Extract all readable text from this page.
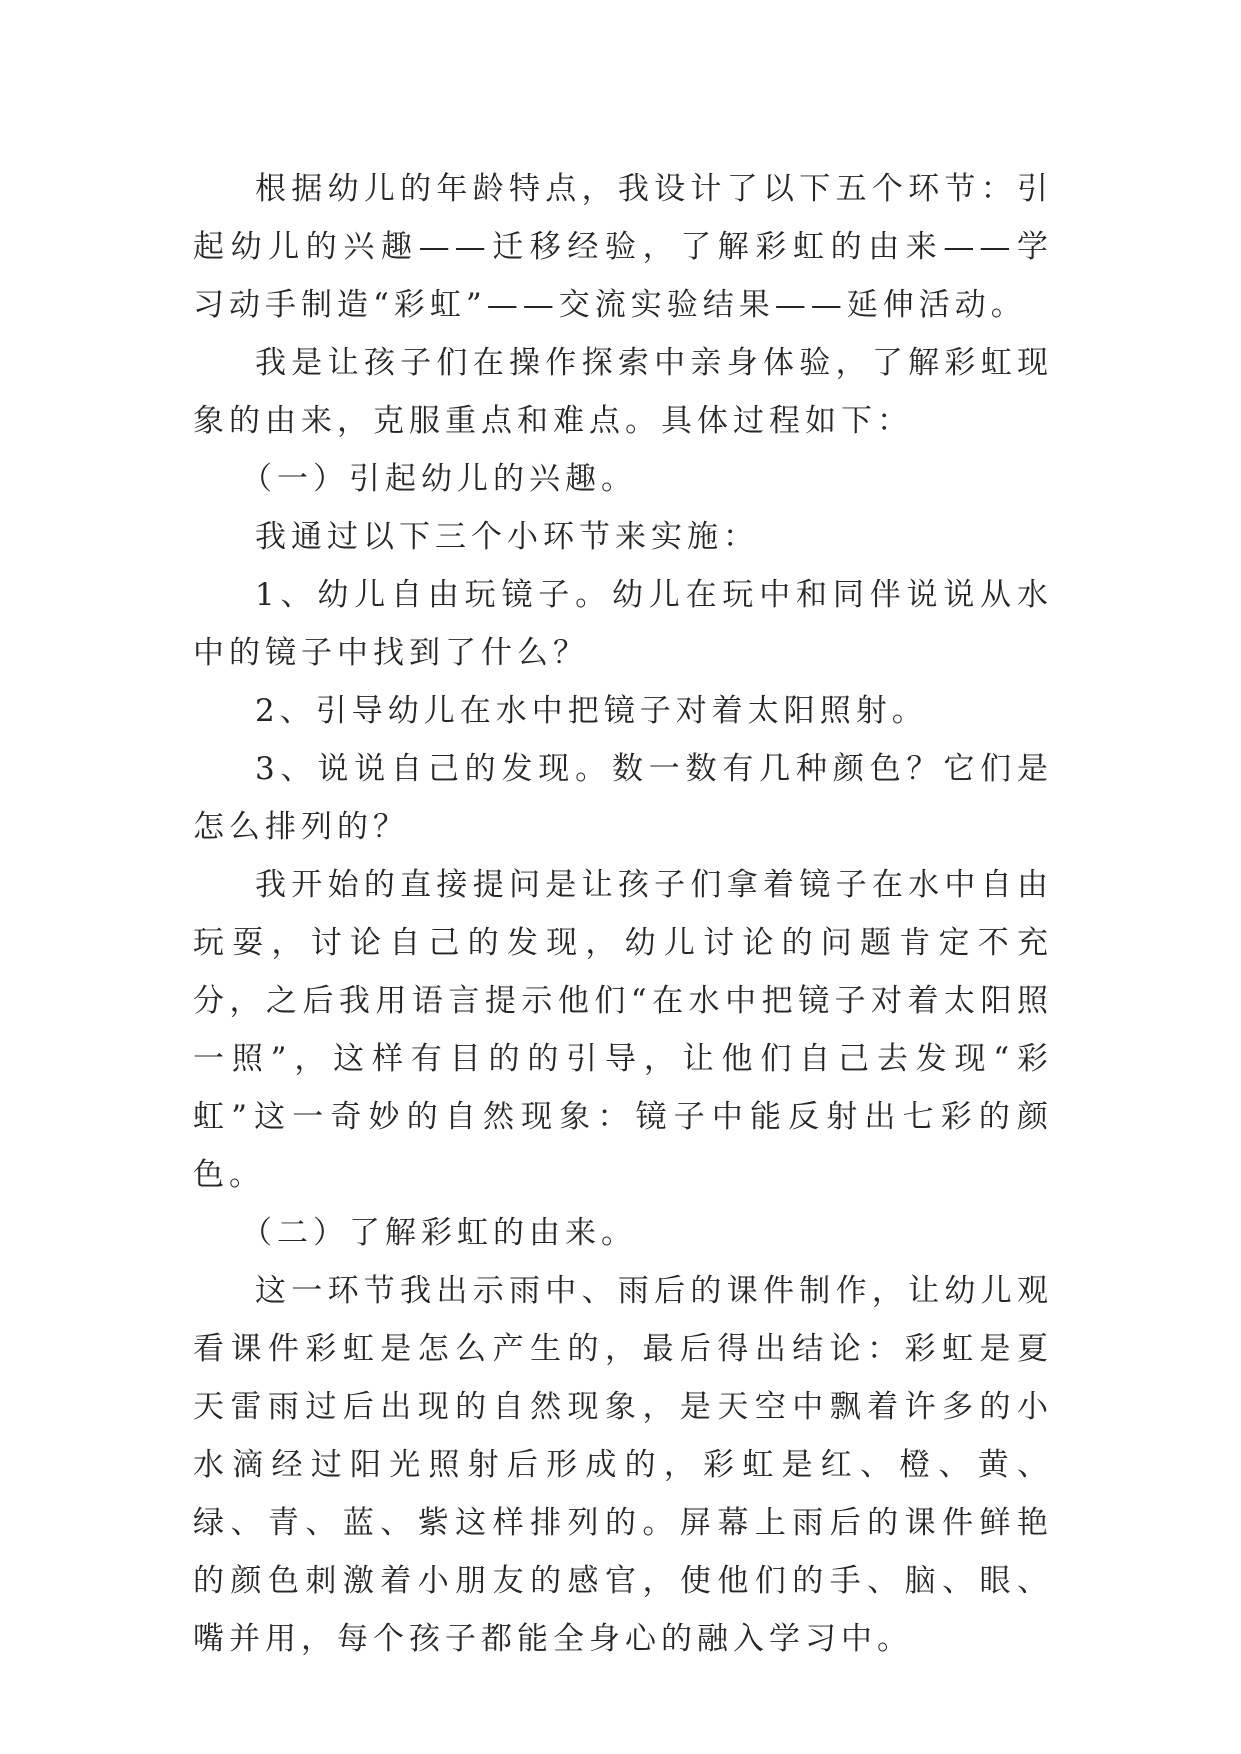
根据幼儿的年龄特点，我设计了以下五个环节：引起幼儿的兴趣——迁移经验，了解彩虹的由来——学习动手制造“彩虹”——交流实验结果——延伸活动。

我是让孩子们在操作探索中亲身体验，了解彩虹现象的由来，克服重点和难点。具体过程如下：

（一）引起幼儿的兴趣。

我通过以下三个小环节来实施：

1、幼儿自由玩镜子。幼儿在玩中和同伴说说从水中的镜子中找到了什么？

2、引导幼儿在水中把镜子对着太阳照射。

3、说说自己的发现。数一数有几种颜色？它们是怎么排列的？

我开始的直接提问是让孩子们拿着镜子在水中自由玩耍，讨论自己的发现，幼儿讨论的问题肯定不充分，之后我用语言提示他们“在水中把镜子对着太阳照一照”，这样有目的的引导，让他们自己去发现“彩虹”这一奇妙的自然现象：镜子中能反射出七彩的颜色。

（二）了解彩虹的由来。

这一环节我出示雨中、雨后的课件制作，让幼儿观看课件彩虹是怎么产生的，最后得出结论：彩虹是夏天雷雨过后出现的自然现象，是天空中飘着许多的小水滴经过阳光照射后形成的，彩虹是红、橙、黄、绿、青、蓝、紫这样排列的。屏幕上雨后的课件鲜艳的颜色刺激着小朋友的感官，使他们的手、脑、眼、嘴并用，每个孩子都能全身心的融入学习中。
